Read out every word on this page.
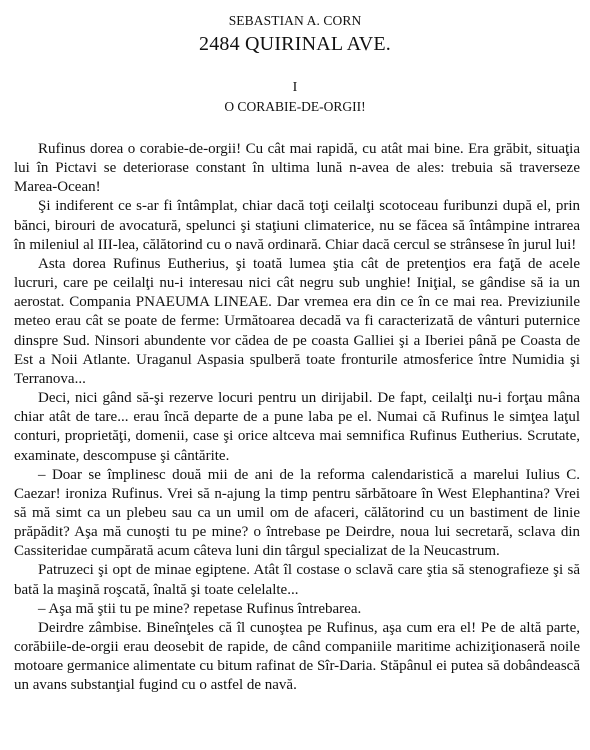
SEBASTIAN A. CORN
2484 QUIRINAL AVE.
I
O CORABIE-DE-ORGII!

Rufinus dorea o corabie-de-orgii! Cu cât mai rapidă, cu atât mai bine. Era grăbit, situaţia lui în Pictavi se deteriorase constant în ultima lună n-avea de ales: trebuia să traverseze Marea-Ocean!

Şi indiferent ce s-ar fi întâmplat, chiar dacă toţi ceilalţi scotoceau furibunzi după el, prin bănci, birouri de avocatură, spelunci şi staţiuni climaterice, nu se făcea să întâmpine intrarea în mileniul al III-lea, călătorind cu o navă ordinară. Chiar dacă cercul se strânsese în jurul lui!

Asta dorea Rufinus Eutherius, şi toată lumea ştia cât de pretenţios era faţă de acele lucruri, care pe ceilalţi nu-i interesau nici cât negru sub unghie! Iniţial, se gândise să ia un aerostat. Compania PNAEUMA LINEAE. Dar vremea era din ce în ce mai rea. Previziunile meteo erau cât se poate de ferme: Următoarea decadă va fi caracterizată de vânturi puternice dinspre Sud. Ninsori abundente vor cădea de pe coasta Galliei şi a Iberiei până pe Coasta de Est a Noii Atlante. Uraganul Aspasia spulberă toate fronturile atmosferice între Numidia şi Terranova...

Deci, nici gând să-şi rezerve locuri pentru un dirijabil. De fapt, ceilalţi nu-i forţau mâna chiar atât de tare... erau încă departe de a pune laba pe el. Numai că Rufinus le simţea laţul conturi, proprietăţi, domenii, case şi orice altceva mai semnifica Rufinus Eutherius. Scrutate, examinate, descompuse şi cântărite.

– Doar se împlinesc două mii de ani de la reforma calendaristică a marelui Iulius C. Caezar! ironiza Rufinus. Vrei să n-ajung la timp pentru sărbătoare în West Elephantina? Vrei să mă simt ca un plebeu sau ca un umil om de afaceri, călătorind cu un bastiment de linie prăpădit? Aşa mă cunoşti tu pe mine? o întrebase pe Deirdre, noua lui secretară, sclava din Cassiteridae cumpărată acum câteva luni din târgul specializat de la Neucastrum.

Patruzeci şi opt de minae egiptene. Atât îl costase o sclavă care ştia să stenografieze şi să bată la maşină roşcată, înaltă şi toate celelalte...

– Aşa mă ştii tu pe mine? repetase Rufinus întrebarea.

Deirdre zâmbise. Bineînţeles că îl cunoştea pe Rufinus, aşa cum era el! Pe de altă parte, corăbiile-de-orgii erau deosebit de rapide, de când companiile maritime achiziţionaseră noile motoare germanice alimentate cu bitum rafinat de Sîr-Daria. Stăpânul ei putea să dobândească un avans substanţial fugind cu o astfel de navă.
